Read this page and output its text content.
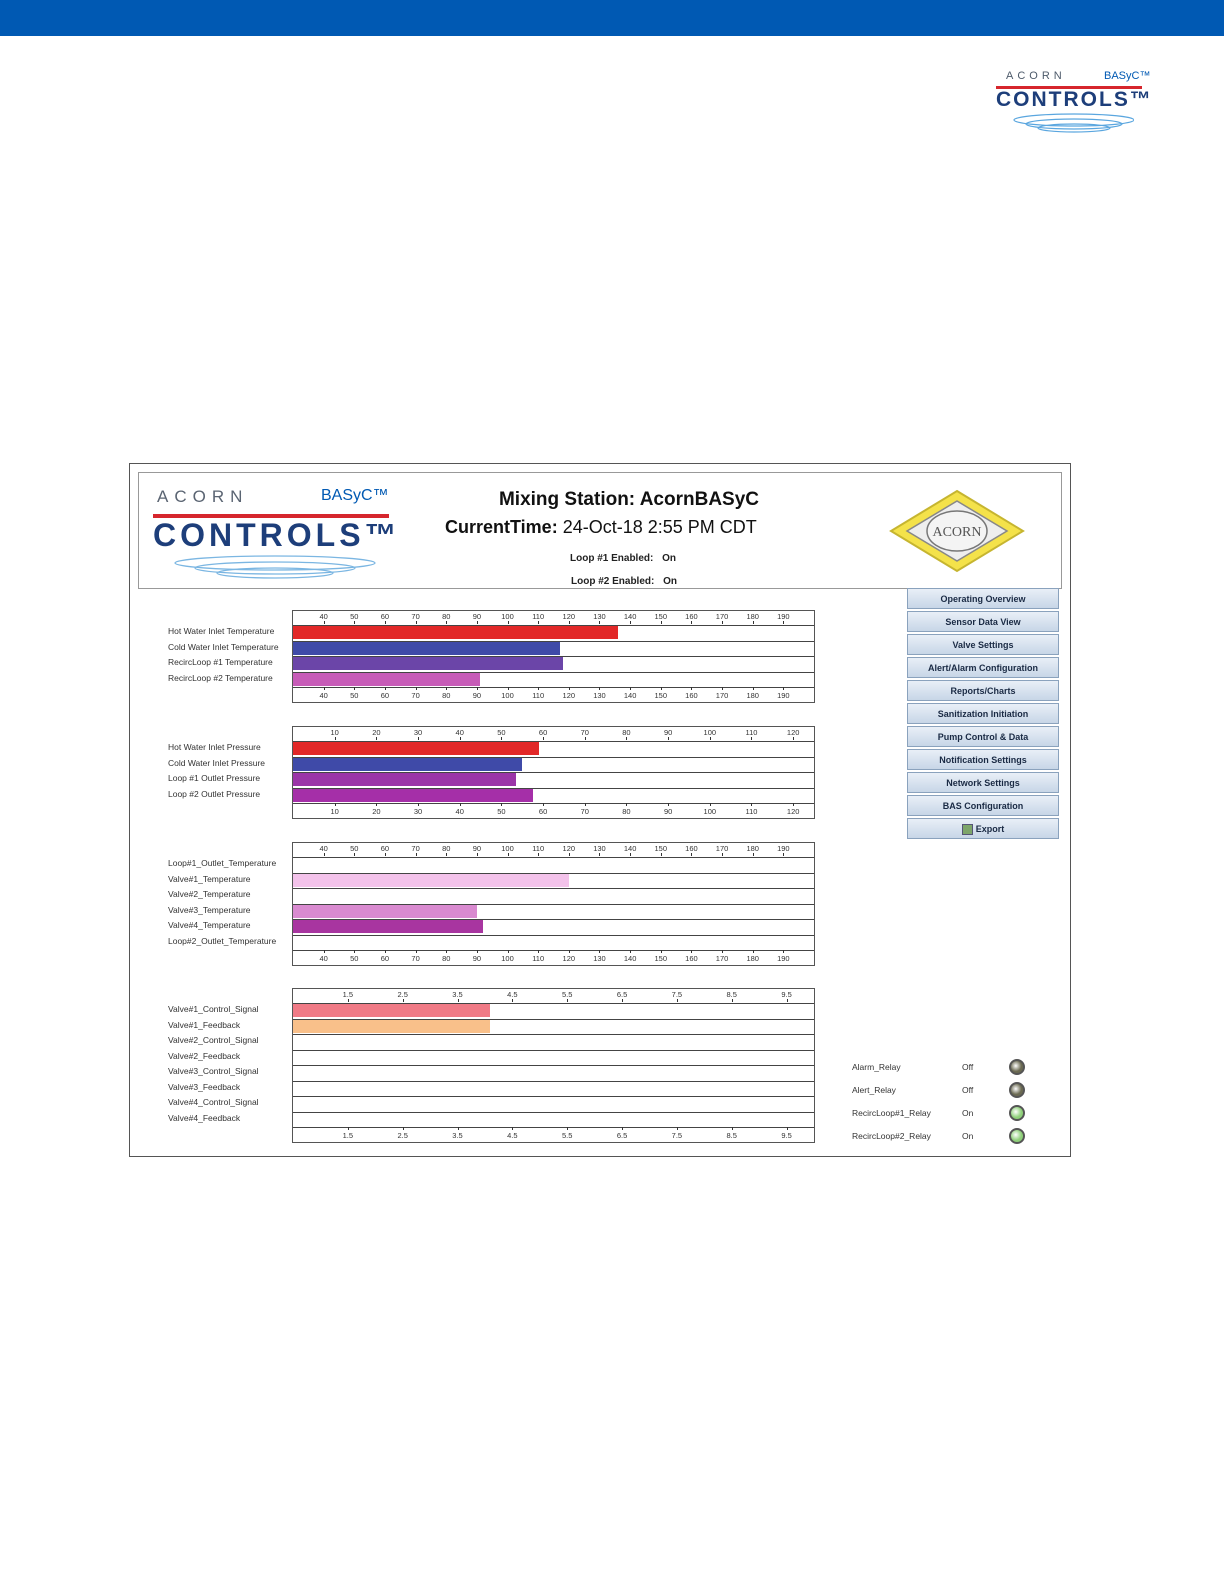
ACORN	BASyC™
CONTROLS™
ACORN	BASyC™
CONTROLS™
Mixing Station: AcornBASyC
CurrentTime: 24-Oct-18 2:55 PM CDT
Loop #1 Enabled: On
Loop #2 Enabled: On
ACORN
Operating Overview
Sensor Data View
Valve Settings
Alert/Alarm Configuration
Reports/Charts
Sanitization Initiation
Pump Control & Data
Notification Settings
Network Settings
BAS Configuration
Export
Hot Water Inlet Temperature
Cold Water Inlet Temperature
RecircLoop #1 Temperature
RecircLoop #2 Temperature
40	50	60	70	80	90	100 110 120 130 140 150 160 170 180 190
40	50	60	70	80	90	100 110 120 130 140 150 160 170 180 190
Hot Water Inlet Pressure
Cold Water Inlet Pressure
Loop #1 Outlet Pressure
Loop #2 Outlet Pressure
10	20	30	40	50	60	70	80	90	100	110	120
10	20	30	40	50	60	70	80	90	100	110	120
Loop#1_Outlet_Temperature
Valve#1_Temperature
Valve#2_Temperature
Valve#3_Temperature
Valve#4_Temperature
Loop#2_Outlet_Temperature
40	50	60	70	80	90	100 110 120 130 140 150 160 170 180 190
40	50	60	70	80	90	100 110 120 130 140 150 160 170 180 190
Valve#1_Control_Signal
Valve#1_Feedback
Valve#2_Control_Signal
Valve#2_Feedback
Valve#3_Control_Signal
Valve#3_Feedback
Valve#4_Control_Signal
Valve#4_Feedback
1.5	2.5	3.5	4.5	5.5	6.5	7.5	8.5	9.5
1.5	2.5	3.5	4.5	5.5	6.5	7.5	8.5	9.5
Alarm_Relay	Off
Alert_Relay	Off
RecircLoop#1_Relay	On
RecircLoop#2_Relay	On
